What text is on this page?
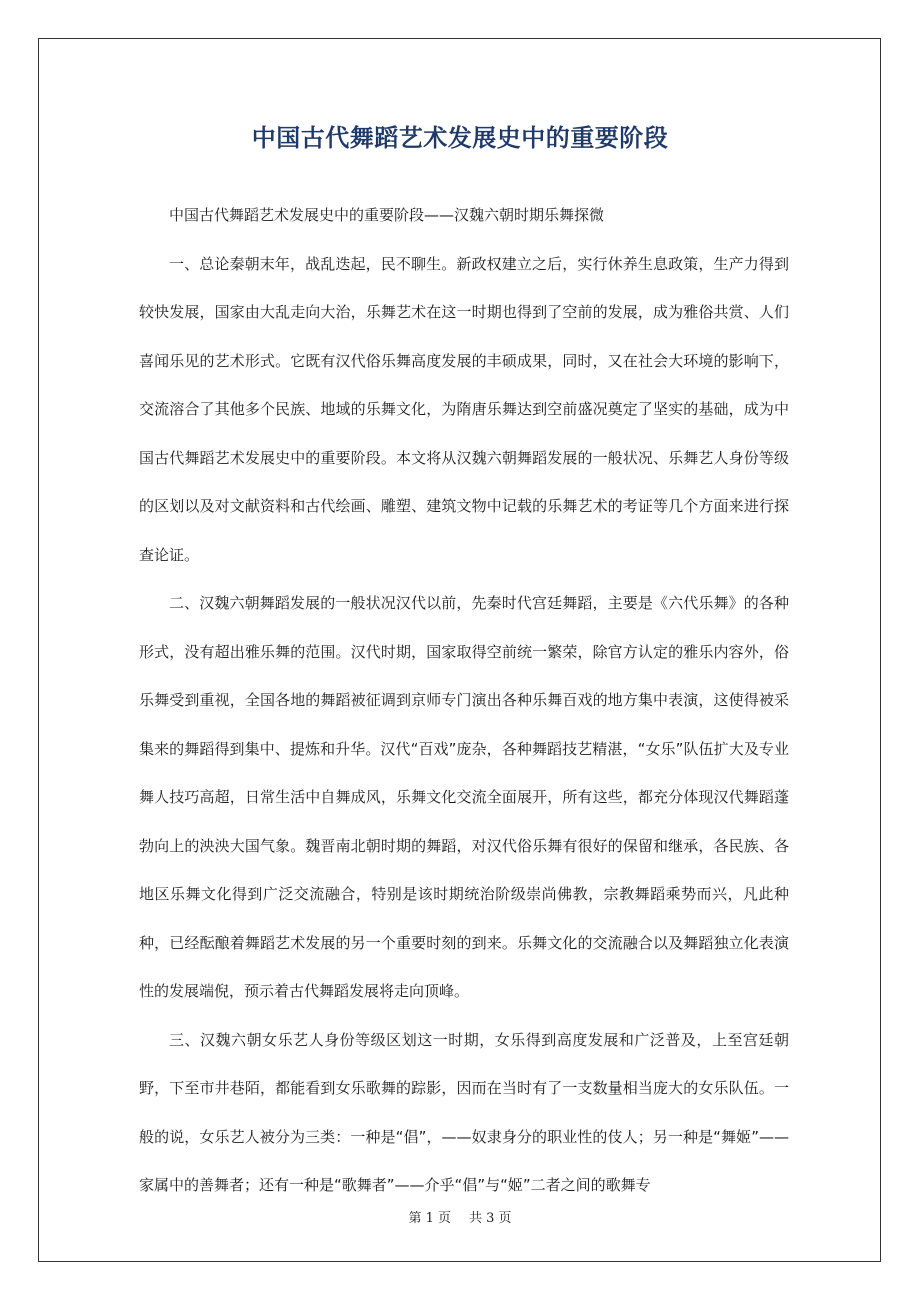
中国古代舞蹈艺术发展史中的重要阶段

中国古代舞蹈艺术发展史中的重要阶段——汉魏六朝时期乐舞探微

一、总论秦朝末年，战乱迭起，民不聊生。新政权建立之后，实行休养生息政策，生产力得到较快发展，国家由大乱走向大治，乐舞艺术在这一时期也得到了空前的发展，成为雅俗共赏、人们喜闻乐见的艺术形式。它既有汉代俗乐舞高度发展的丰硕成果，同时，又在社会大环境的影响下，交流溶合了其他多个民族、地域的乐舞文化，为隋唐乐舞达到空前盛况奠定了坚实的基础，成为中国古代舞蹈艺术发展史中的重要阶段。本文将从汉魏六朝舞蹈发展的一般状况、乐舞艺人身份等级的区划以及对文献资料和古代绘画、雕塑、建筑文物中记载的乐舞艺术的考证等几个方面来进行探查论证。

二、汉魏六朝舞蹈发展的一般状况汉代以前，先秦时代宫廷舞蹈，主要是《六代乐舞》的各种形式，没有超出雅乐舞的范围。汉代时期，国家取得空前统一繁荣，除官方认定的雅乐内容外，俗乐舞受到重视，全国各地的舞蹈被征调到京师专门演出各种乐舞百戏的地方集中表演，这使得被采集来的舞蹈得到集中、提炼和升华。汉代“百戏”庞杂，各种舞蹈技艺精湛，“女乐”队伍扩大及专业舞人技巧高超，日常生活中自舞成风，乐舞文化交流全面展开，所有这些，都充分体现汉代舞蹈蓬勃向上的泱泱大国气象。魏晋南北朝时期的舞蹈，对汉代俗乐舞有很好的保留和继承，各民族、各地区乐舞文化得到广泛交流融合，特别是该时期统治阶级崇尚佛教，宗教舞蹈乘势而兴，凡此种种，已经酝酿着舞蹈艺术发展的另一个重要时刻的到来。乐舞文化的交流融合以及舞蹈独立化表演性的发展端倪，预示着古代舞蹈发展将走向顶峰。

三、汉魏六朝女乐艺人身份等级区划这一时期，女乐得到高度发展和广泛普及，上至宫廷朝野，下至市井巷陌，都能看到女乐歌舞的踪影，因而在当时有了一支数量相当庞大的女乐队伍。一般的说，女乐艺人被分为三类：一种是“倡”，——奴隶身分的职业性的伎人；另一种是“舞姬”——家属中的善舞者；还有一种是“歌舞者”——介乎“倡”与“姬”二者之间的歌舞专

第 1 页 共 3 页
